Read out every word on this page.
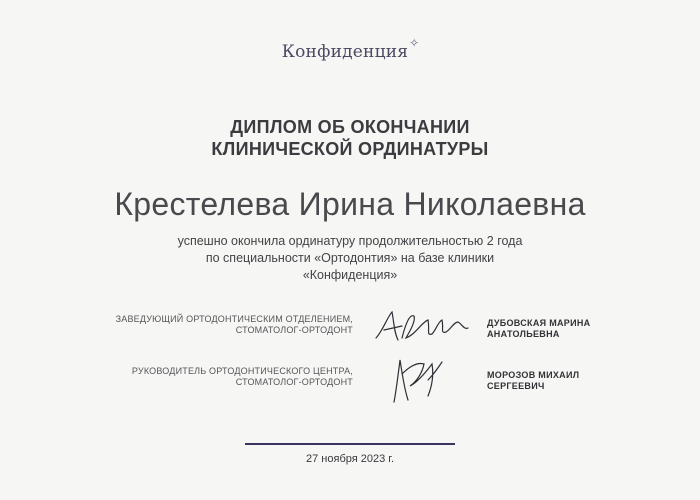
Конфиденция✧
ДИПЛОМ ОБ ОКОНЧАНИИ
КЛИНИЧЕСКОЙ ОРДИНАТУРЫ
Крестелева Ирина Николаевна
успешно окончила ординатуру продолжительностью 2 года
по специальности «Ортодонтия» на базе клиники
«Конфиденция»
ЗАВЕДУЮЩИЙ ОРТОДОНТИЧЕСКИМ ОТДЕЛЕНИЕМ,
СТОМАТОЛОГ-ОРТОДОНТ
ДУБОВСКАЯ МАРИНА
АНАТОЛЬЕВНА
РУКОВОДИТЕЛЬ ОРТОДОНТИЧЕСКОГО ЦЕНТРА,
СТОМАТОЛОГ-ОРТОДОНТ
МОРОЗОВ МИХАИЛ
СЕРГЕЕВИЧ
27 ноября 2023 г.
